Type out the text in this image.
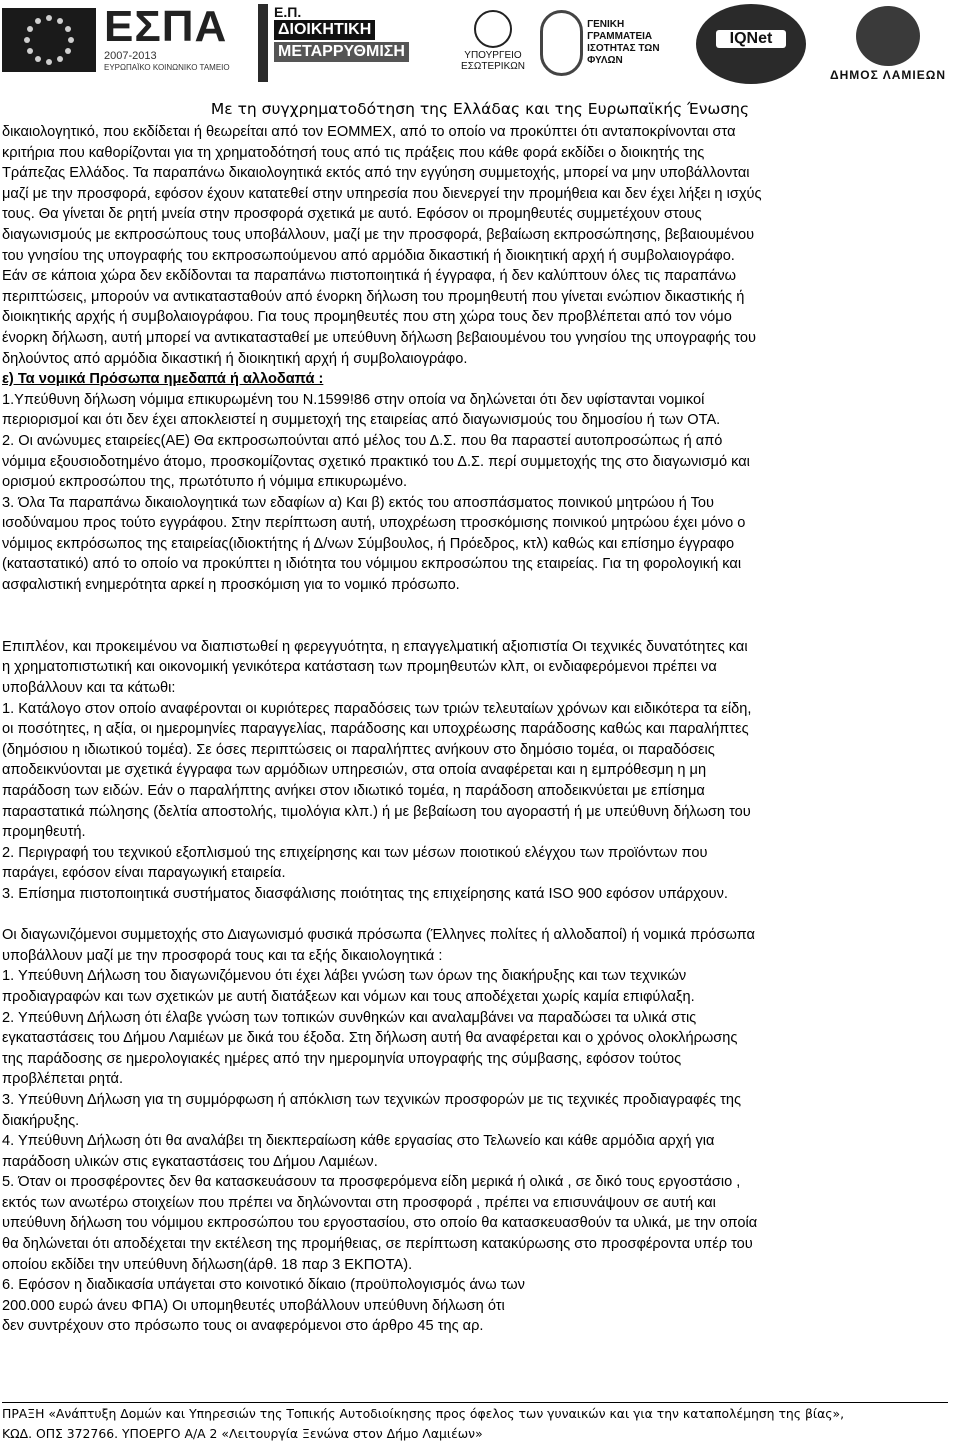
ΕΣΠΑ
2007-2013
ΕΥΡΩΠΑΪΚΟ ΚΟΙΝΩΝΙΚΟ ΤΑΜΕΙΟ
Ε.Π.
ΔΙΟΙΚΗΤΙΚΗ
ΜΕΤΑΡΡΥΘΜΙΣΗ	ΥΠΟΥΡΓΕΙΟ ΕΣΩΤΕΡΙΚΩΝ
ΓΕΝΙΚΗ ΓΡΑΜΜΑΤΕΙΑ
ΙΣΟΤΗΤΑΣ ΤΩΝ ΦΥΛΩΝ
IQNet
ΔΗΜΟΣ ΛΑΜΙΕΩΝ
Με τη συγχρηματοδότηση της Ελλάδας και της Ευρωπαϊκής Ένωσης

δικαιολογητικό, που εκδίδεται ή θεωρείται από τον ΕΟΜΜΕΧ, από το οποίο να προκύπτει ότι ανταποκρίνονται στα

κριτήρια που καθορίζονται για τη χρηματοδότησή τους από τις πράξεις που κάθε φορά εκδίδει ο διοικητής της

Τράπεζας Ελλάδος. Τα παραπάνω δικαιολογητικά εκτός από την εγγύηση συμμετοχής, μπορεί να μην υποβάλλονται

μαζί με την προσφορά, εφόσον έχουν κατατεθεί στην υπηρεσία που διενεργεί την προμήθεια και δεν έχει λήξει η ισχύς

τους. Θα γίνεται δε ρητή μνεία στην προσφορά σχετικά με αυτό. Εφόσον οι προμηθευτές συμμετέχουν στους

διαγωνισμούς με εκπροσώπους τους υποβάλλουν, μαζί με την προσφορά, βεβαίωση εκπροσώπησης, βεβαιουμένου

του γνησίου της υπογραφής του εκπροσωπούμενου από αρμόδια δικαστική ή διοικητική αρχή ή συμβολαιογράφο.

Εάν σε κάποια χώρα δεν εκδίδονται τα παραπάνω πιστοποιητικά ή έγγραφα, ή δεν καλύπτουν όλες τις παραπάνω

περιπτώσεις, μπορούν να αντικατασταθούν από ένορκη δήλωση του προμηθευτή που γίνεται ενώπιον δικαστικής ή

διοικητικής αρχής ή συμβολαιογράφου. Για τους προμηθευτές που στη χώρα τους δεν προβλέπεται από τον νόμο

ένορκη δήλωση, αυτή μπορεί να αντικατασταθεί με υπεύθυνη δήλωση βεβαιουμένου του γνησίου της υπογραφής του

δηλούντος από αρμόδια δικαστική ή διοικητική αρχή ή συμβολαιογράφο.

ε) Τα νομικά Πρόσωπα ημεδαπά ή αλλοδαπά :

1.Υπεύθυνη δήλωση νόμιμα επικυρωμένη του Ν.1599!86 στην οποία να δηλώνεται ότι δεν υφίστανται νομικοί

περιορισμοί και ότι δεν έχει αποκλειστεί η συμμετοχή της εταιρείας από διαγωνισμούς του δημοσίου ή των ΟΤΑ.

2. Οι ανώνυμες εταιρείες(ΑΕ) Θα εκπροσωπούνται από μέλος του Δ.Σ. που θα παραστεί αυτοπροσώπως ή από

νόμιμα εξουσιοδοτημένο άτομο, προσκομίζοντας σχετικό πρακτικό του Δ.Σ. περί συμμετοχής της στο διαγωνισμό και

ορισμού εκπροσώπου της, πρωτότυπο ή νόμιμα επικυρωμένο.

3. Όλα Τα παραπάνω δικαιολογητικά των εδαφίων α) Και β) εκτός του αποσπάσματος ποινικού μητρώου ή Του

ισοδύναμου προς τούτο εγγράφου. Στην περίπτωση αυτή, υποχρέωση ττροσκόμισης ποινικού μητρώου έχει μόνο ο

νόμιμος εκπρόσωπος της εταιρείας(ιδιοκτήτης ή Δ/νων Σύμβουλος, ή Πρόεδρος, κτλ) καθώς και επίσημο έγγραφο

(καταστατικό) από το οποίο να προκύπτει η ιδιότητα του νόμιμου εκπροσώπου της εταιρείας. Για τη φορολογική και

ασφαλιστική ενημερότητα αρκεί η προσκόμιση για το νομικό πρόσωπο.

Επιπλέον, και προκειμένου να διαπιστωθεί η φερεγγυότητα, η επαγγελματική αξιοπιστία Οι τεχνικές δυνατότητες και

η χρηματοπιστωτική και οικονομική γενικότερα κατάσταση των προμηθευτών κλπ, οι ενδιαφερόμενοι πρέπει να

υποβάλλουν και τα κάτωθι:

1. Κατάλογο στον οποίο αναφέρονται οι κυριότερες παραδόσεις των τριών τελευταίων χρόνων και ειδικότερα τα είδη,

οι ποσότητες, η αξία, οι ημερομηνίες παραγγελίας, παράδοσης και υποχρέωσης παράδοσης καθώς και παραλήπτες

(δημόσιου η ιδιωτικού τομέα). Σε όσες περιπτώσεις οι παραλήπτες ανήκουν στο δημόσιο τομέα, οι παραδόσεις

αποδεικνύονται με σχετικά έγγραφα των αρμόδιων υπηρεσιών, στα οποία αναφέρεται και η εμπρόθεσμη η μη

παράδοση των ειδών. Εάν ο παραλήπτης ανήκει στον ιδιωτικό τομέα, η παράδοση αποδεικνύεται με επίσημα

παραστατικά πώλησης (δελτία αποστολής, τιμολόγια κλπ.) ή με βεβαίωση του αγοραστή ή με υπεύθυνη δήλωση του

προμηθευτή.

2. Περιγραφή του τεχνικού εξοπλισμού της επιχείρησης και των μέσων ποιοτικού ελέγχου των προϊόντων που

παράγει, εφόσον είναι παραγωγική εταιρεία.

3. Επίσημα πιστοποιητικά συστήματος διασφάλισης ποιότητας της επιχείρησης κατά ISO 900 εφόσον υπάρχουν.

Οι διαγωνιζόμενοι συμμετοχής στο Διαγωνισμό φυσικά πρόσωπα (Έλληνες πολίτες ή αλλοδαποί) ή νομικά πρόσωπα

υποβάλλουν μαζί με την προσφορά τους και τα εξής δικαιολογητικά :

1. Υπεύθυνη Δήλωση του διαγωνιζόμενου ότι έχει λάβει γνώση των όρων της διακήρυξης και των τεχνικών

προδιαγραφών και των σχετικών με αυτή διατάξεων και νόμων και τους αποδέχεται χωρίς καμία επιφύλαξη.

2. Υπεύθυνη Δήλωση ότι έλαβε γνώση των τοπικών συνθηκών και αναλαμβάνει να παραδώσει τα υλικά στις

εγκαταστάσεις του Δήμου Λαμιέων με δικά του έξοδα. Στη δήλωση αυτή θα αναφέρεται και ο χρόνος ολοκλήρωσης

της παράδοσης σε ημερολογιακές ημέρες από την ημερομηνία υπογραφής της σύμβασης, εφόσον τούτος

προβλέπεται ρητά.

3. Υπεύθυνη Δήλωση για τη συμμόρφωση ή απόκλιση των τεχνικών προσφορών με τις τεχνικές προδιαγραφές της

διακήρυξης.

4. Υπεύθυνη Δήλωση ότι θα αναλάβει τη διεκπεραίωση κάθε εργασίας στο Τελωνείο και κάθε αρμόδια αρχή για

παράδοση υλικών στις εγκαταστάσεις του Δήμου Λαμιέων.

5. Όταν οι προσφέροντες δεν θα κατασκευάσουν τα προσφερόμενα είδη μερικά ή ολικά , σε δικό τους εργοστάσιο ,

εκτός των ανωτέρω στοιχείων που πρέπει να δηλώνονται στη προσφορά , πρέπει να επισυνάψουν σε αυτή και

υπεύθυνη δήλωση του νόμιμου εκπροσώπου του εργοστασίου, στο οποίο θα κατασκευασθούν τα υλικά, με την οποία

θα δηλώνεται ότι αποδέχεται την εκτέλεση της προμήθειας, σε περίπτωση κατακύρωσης στο προσφέροντα υπέρ του

οποίου εκδίδει την υπεύθυνη δήλωση(άρθ. 18 παρ 3 ΕΚΠΟΤΑ).

6. Εφόσον η διαδικασία υπάγεται στο κοινοτικό δίκαιο (προϋπολογισμός άνω των

200.000 ευρώ άνευ ΦΠΑ) Οι υπομηθευτές υποβάλλουν υπεύθυνη δήλωση ότι

δεν συντρέχουν στο πρόσωπο τους οι αναφερόμενοι στο άρθρο 45 της αρ.

ΠΡΑΞΗ «Ανάπτυξη Δομών και Υπηρεσιών της Τοπικής Αυτοδιοίκησης προς όφελος των γυναικών και για την καταπολέμηση της βίας»,

ΚΩΔ. ΟΠΣ 372766. ΥΠΟΕΡΓΟ Α/Α 2 «Λειτουργία Ξενώνα στον Δήμο Λαμιέων»
